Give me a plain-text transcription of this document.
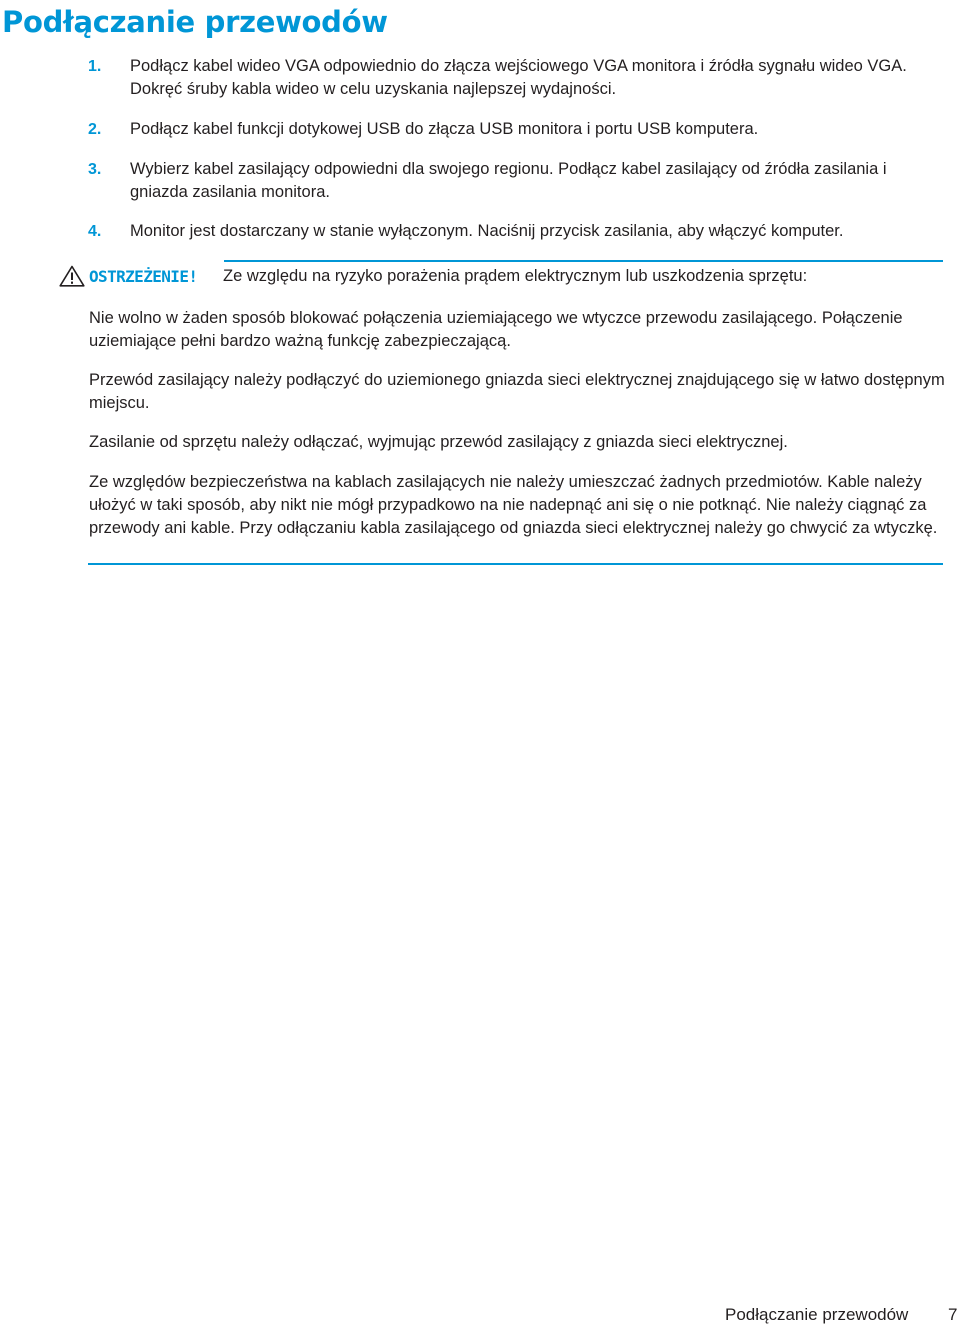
Podłączanie przewodów
1. Podłącz kabel wideo VGA odpowiednio do złącza wejściowego VGA monitora i źródła sygnału wideo VGA. Dokręć śruby kabla wideo w celu uzyskania najlepszej wydajności.
2. Podłącz kabel funkcji dotykowej USB do złącza USB monitora i portu USB komputera.
3. Wybierz kabel zasilający odpowiedni dla swojego regionu. Podłącz kabel zasilający od źródła zasilania i gniazda zasilania monitora.
4. Monitor jest dostarczany w stanie wyłączonym. Naciśnij przycisk zasilania, aby włączyć komputer.
OSTRZEŻENIE! Ze względu na ryzyko porażenia prądem elektrycznym lub uszkodzenia sprzętu:

Nie wolno w żaden sposób blokować połączenia uziemiającego we wtyczce przewodu zasilającego. Połączenie uziemiające pełni bardzo ważną funkcję zabezpieczającą.

Przewód zasilający należy podłączyć do uziemionego gniazda sieci elektrycznej znajdującego się w łatwo dostępnym miejscu.

Zasilanie od sprzętu należy odłączać, wyjmując przewód zasilający z gniazda sieci elektrycznej.

Ze względów bezpieczeństwa na kablach zasilających nie należy umieszczać żadnych przedmiotów. Kable należy ułożyć w taki sposób, aby nikt nie mógł przypadkowo na nie nadepnąć ani się o nie potknąć. Nie należy ciągnąć za przewody ani kable. Przy odłączaniu kabla zasilającego od gniazda sieci elektrycznej należy go chwycić za wtyczkę.

Podłączanie przewodów 7
